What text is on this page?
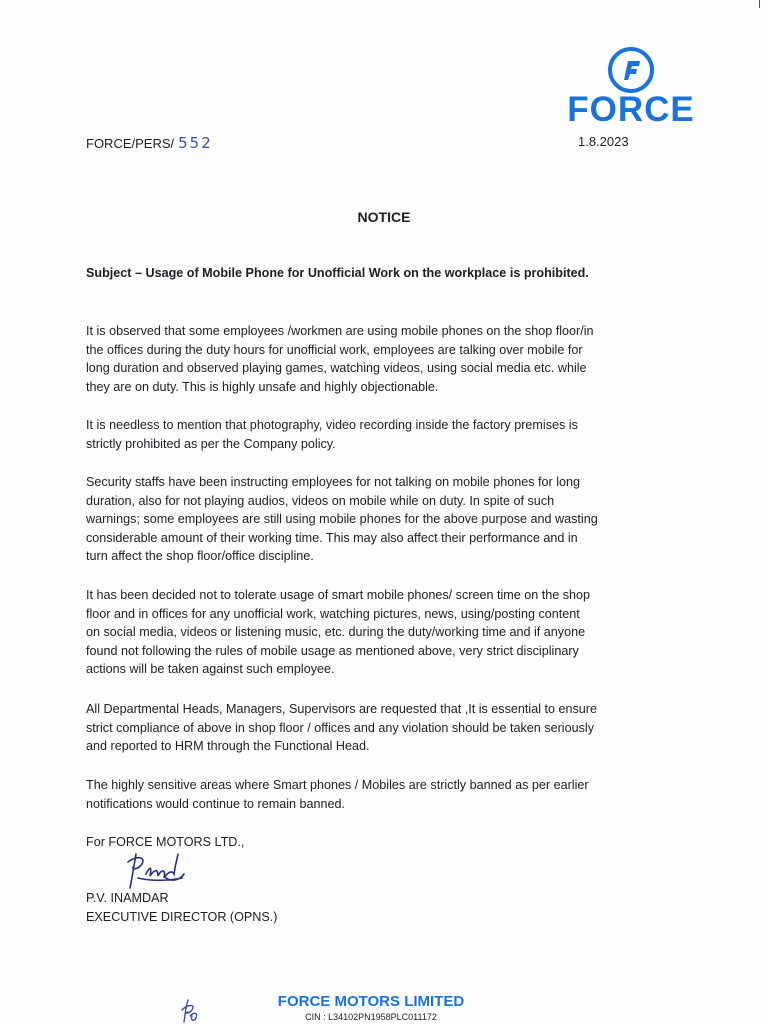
FORCE
FORCE/PERS/ 552	1.8.2023
NOTICE
Subject – Usage of Mobile Phone for Unofficial Work on the workplace is prohibited.

It is observed that some employees /workmen are using mobile phones on the shop floor/in
the offices during the duty hours for unofficial work, employees are talking over mobile for
long duration and observed playing games, watching videos, using social media etc. while
they are on duty. This is highly unsafe and highly objectionable.

It is needless to mention that photography, video recording inside the factory premises is
strictly prohibited as per the Company policy.

Security staffs have been instructing employees for not talking on mobile phones for long
duration, also for not playing audios, videos on mobile while on duty. In spite of such
warnings; some employees are still using mobile phones for the above purpose and wasting
considerable amount of their working time. This may also affect their performance and in
turn affect the shop floor/office discipline.

It has been decided not to tolerate usage of smart mobile phones/ screen time on the shop
floor and in offices for any unofficial work, watching pictures, news, using/posting content
on social media, videos or listening music, etc. during the duty/working time and if anyone
found not following the rules of mobile usage as mentioned above, very strict disciplinary
actions will be taken against such employee.

All Departmental Heads, Managers, Supervisors are requested that ,It is essential to ensure
strict compliance of above in shop floor / offices and any violation should be taken seriously
and reported to HRM through the Functional Head.

The highly sensitive areas where Smart phones / Mobiles are strictly banned as per earlier
notifications would continue to remain banned.

For FORCE MOTORS LTD.,
P.V. INAMDAR
EXECUTIVE DIRECTOR (OPNS.)
FORCE MOTORS LIMITED
CIN : L34102PN1958PLC011172
